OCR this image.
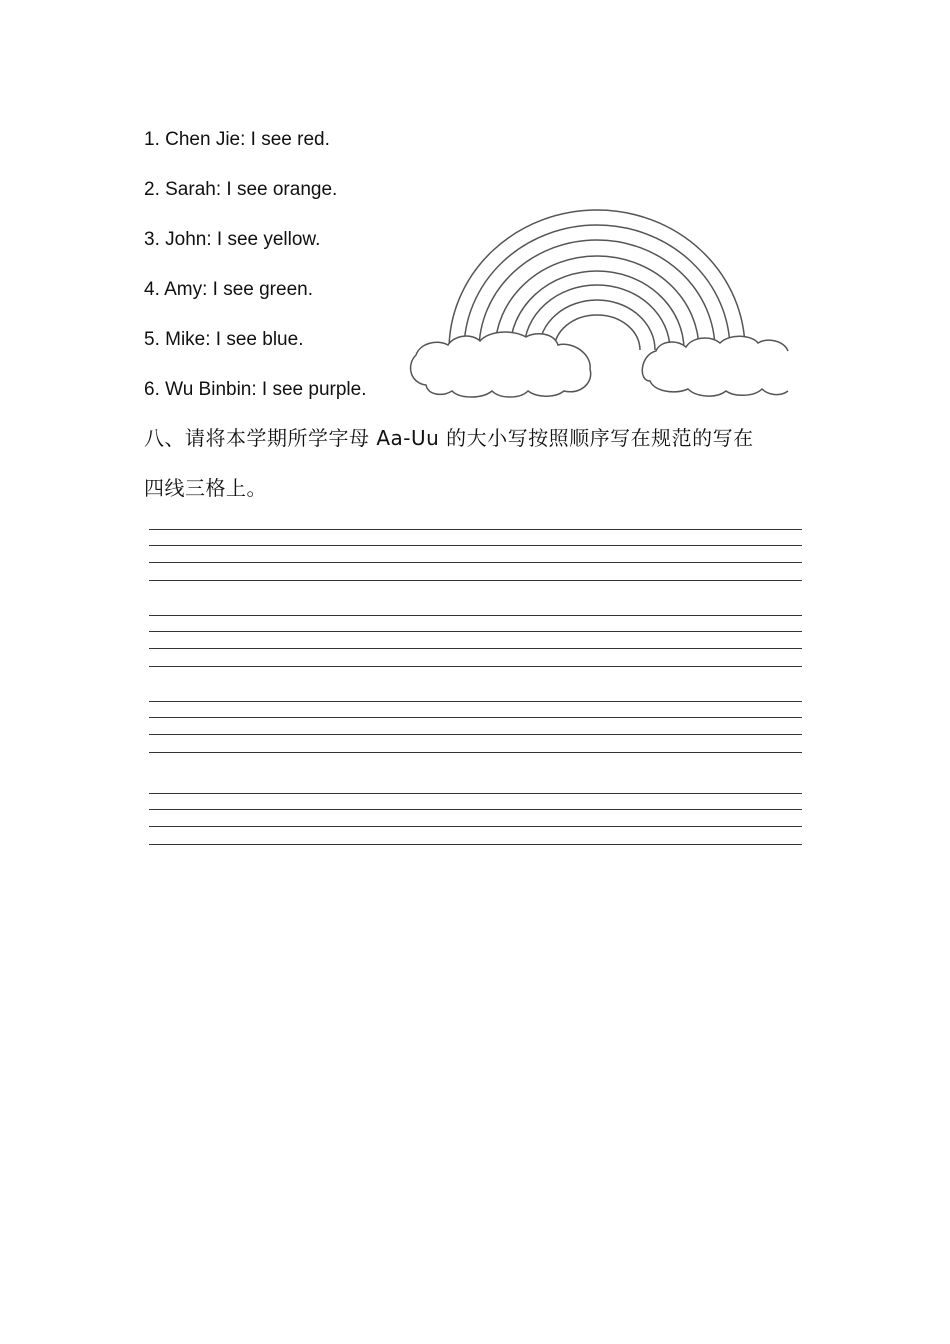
1. Chen Jie: I see red.
2. Sarah: I see orange.
3. John: I see yellow.
4. Amy: I see green.
5. Mike: I see blue.
6. Wu Binbin: I see purple.
八、请将本学期所学字母 Aa-Uu 的大小写按照顺序写在规范的写在
四线三格上。
